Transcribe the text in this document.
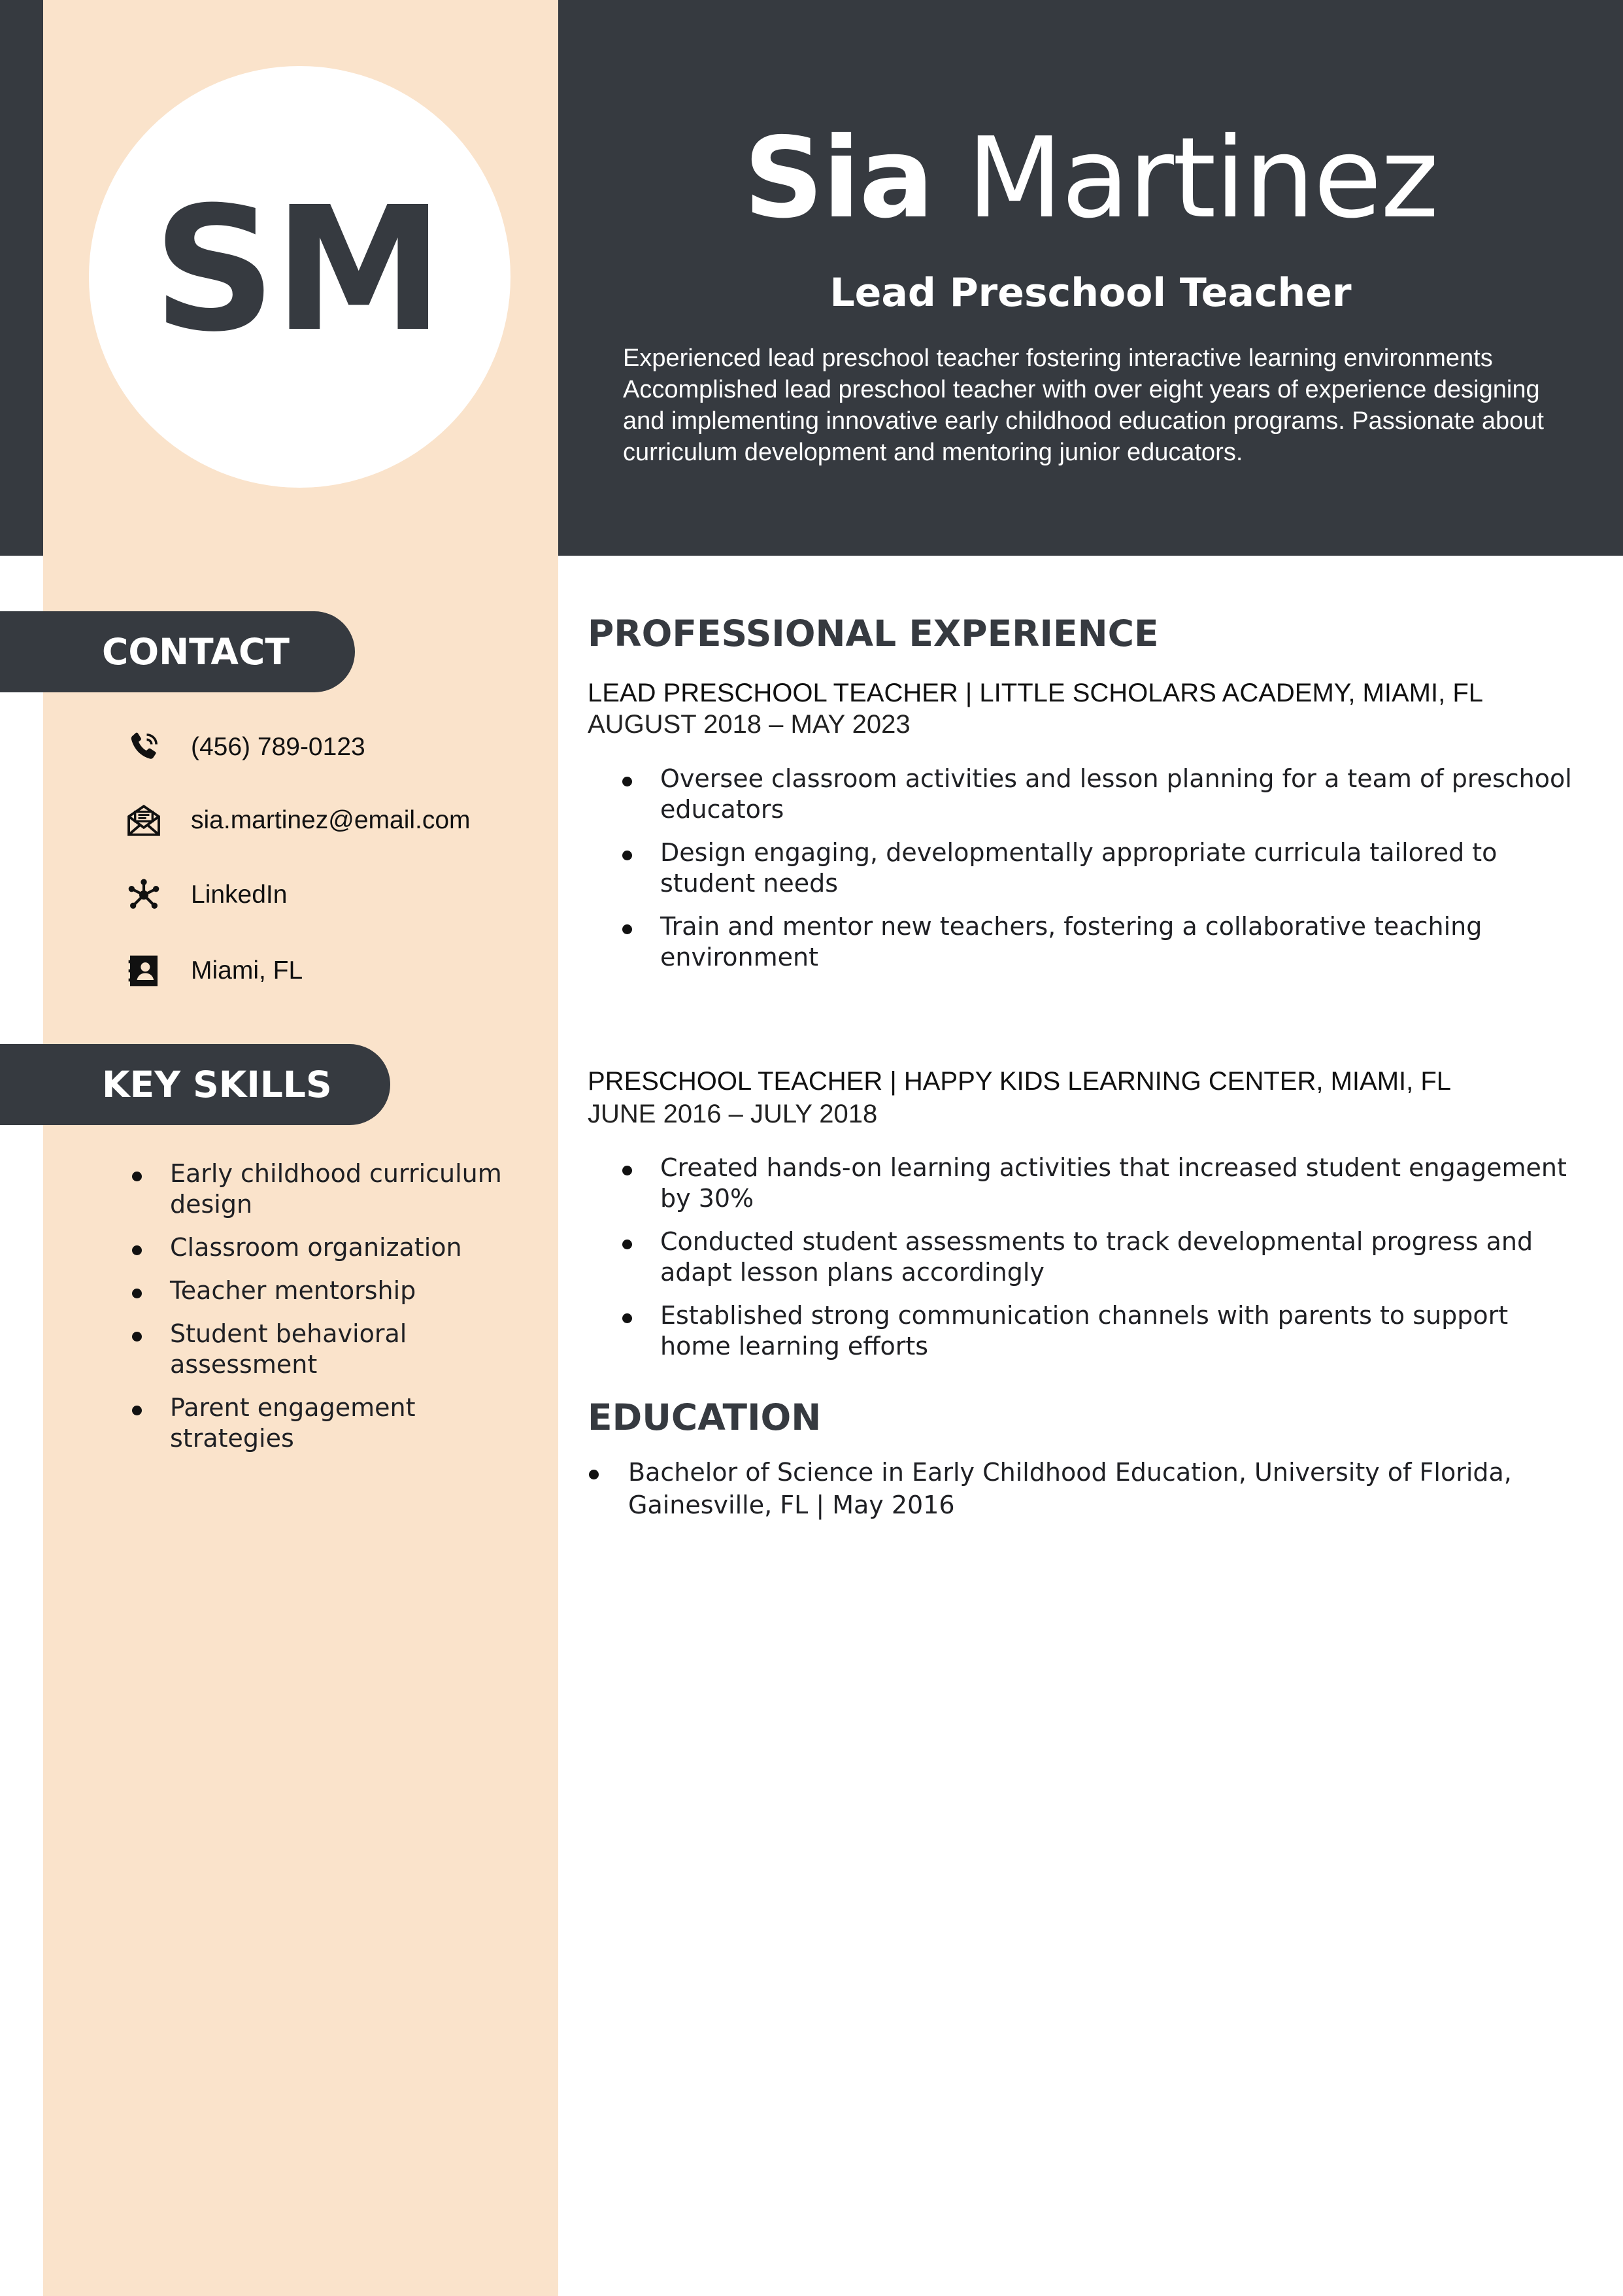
SM	Sia Martinez
Lead Preschool Teacher
Experienced lead preschool teacher fostering interactive learning environments
Accomplished lead preschool teacher with over eight years of experience designing
and implementing innovative early childhood education programs. Passionate about
curriculum development and mentoring junior educators.
CONTACT
(456) 789-0123
sia.martinez@email.com
LinkedIn
Miami, FL
KEY SKILLS
Early childhood curriculum design
Classroom organization
Teacher mentorship
Student behavioral assessment
Parent engagement strategies
PROFESSIONAL EXPERIENCE
LEAD PRESCHOOL TEACHER | LITTLE SCHOLARS ACADEMY, MIAMI, FL
AUGUST 2018 – MAY 2023
Oversee classroom activities and lesson planning for a team of preschool educators
Design engaging, developmentally appropriate curricula tailored to student needs
Train and mentor new teachers, fostering a collaborative teaching environment
PRESCHOOL TEACHER | HAPPY KIDS LEARNING CENTER, MIAMI, FL
JUNE 2016 – JULY 2018
Created hands-on learning activities that increased student engagement by 30%
Conducted student assessments to track developmental progress and adapt lesson plans accordingly
Established strong communication channels with parents to support home learning efforts
EDUCATION
Bachelor of Science in Early Childhood Education, University of Florida, Gainesville, FL | May 2016
